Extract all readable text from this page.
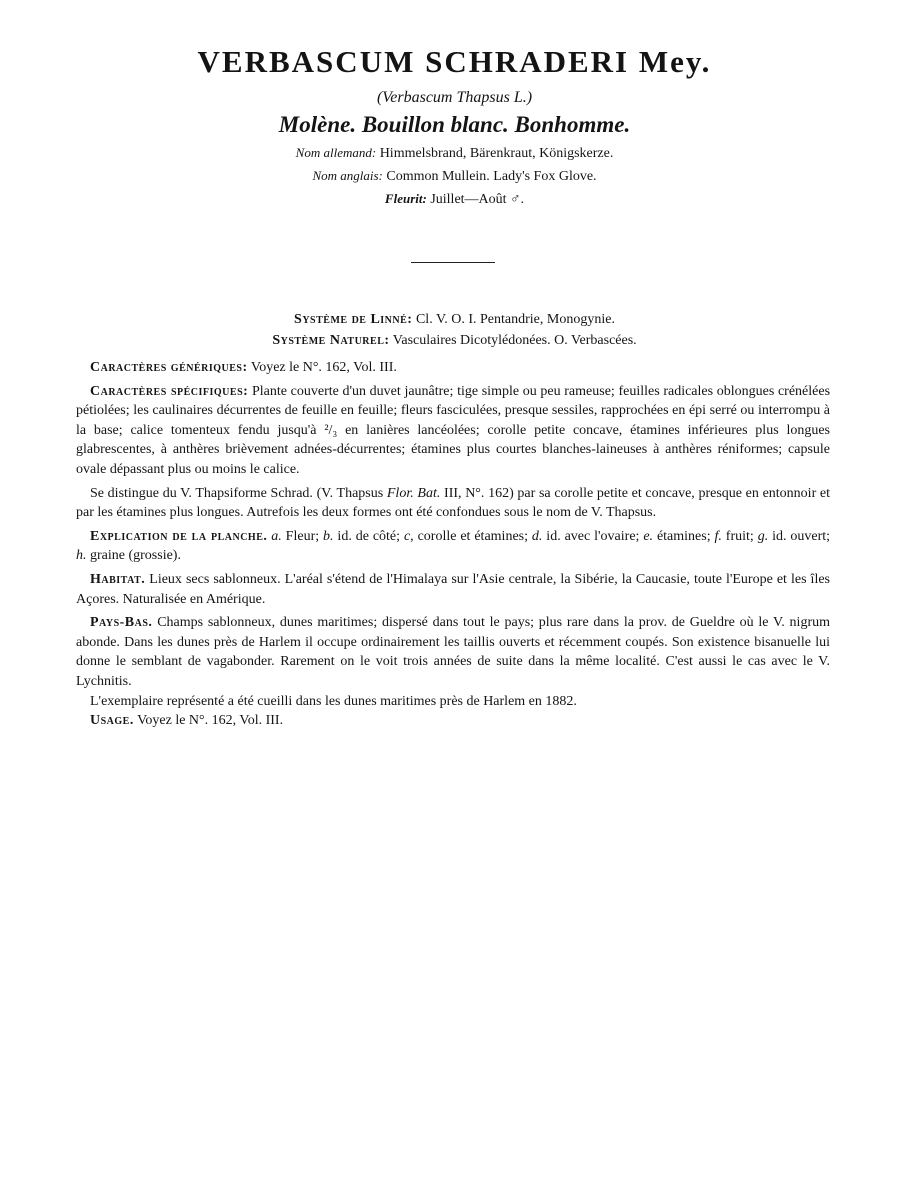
VERBASCUM SCHRADERI Mey.
(Verbascum Thapsus L.)
Molène. Bouillon blanc. Bonhomme.
Nom allemand: Himmelsbrand, Bärenkraut, Königskerze.
Nom anglais: Common Mullein. Lady's Fox Glove.
Fleurit: Juillet—Août ♂.
Système de Linné: Cl. V. O. I. Pentandrie, Monogynie.
Système Naturel: Vasculaires Dicotylédonées. O. Verbascées.

Caractères génériques: Voyez le N°. 162, Vol. III.

Caractères spécifiques: Plante couverte d'un duvet jaunâtre; tige simple ou peu rameuse; feuilles radicales oblongues crénélées pétiolées; les caulinaires décurrentes de feuille en feuille; fleurs fasciculées, presque sessiles, rapprochées en épi serré ou interrompu à la base; calice tomenteux fendu jusqu'à ²/₃ en lanières lancéolées; corolle petite concave, étamines inférieures plus longues glabrescentes, à anthères brièvement adnées-décurrentes; étamines plus courtes blanches-laineuses à anthères réniformes; capsule ovale dépassant plus ou moins le calice.

Se distingue du V. Thapsiforme Schrad. (V. Thapsus Flor. Bat. III, N°. 162) par sa corolle petite et concave, presque en entonnoir et par les étamines plus longues. Autrefois les deux formes ont été confondues sous le nom de V. Thapsus.

Explication de la planche. a. Fleur; b. id. de côté; c, corolle et étamines; d. id. avec l'ovaire; e. étamines; f. fruit; g. id. ouvert; h. graine (grossie).

Habitat. Lieux secs sablonneux. L'aréal s'étend de l'Himalaya sur l'Asie centrale, la Sibérie, la Caucasie, toute l'Europe et les îles Açores. Naturalisée en Amérique.

Pays-Bas. Champs sablonneux, dunes maritimes; dispersé dans tout le pays; plus rare dans la prov. de Gueldre où le V. nigrum abonde. Dans les dunes près de Harlem il occupe ordinairement les taillis ouverts et récemment coupés. Son existence bisanuelle lui donne le semblant de vagabonder. Rarement on le voit trois années de suite dans la même localité. C'est aussi le cas avec le V. Lychnitis.

L'exemplaire représenté a été cueilli dans les dunes maritimes près de Harlem en 1882.

Usage. Voyez le N°. 162, Vol. III.
